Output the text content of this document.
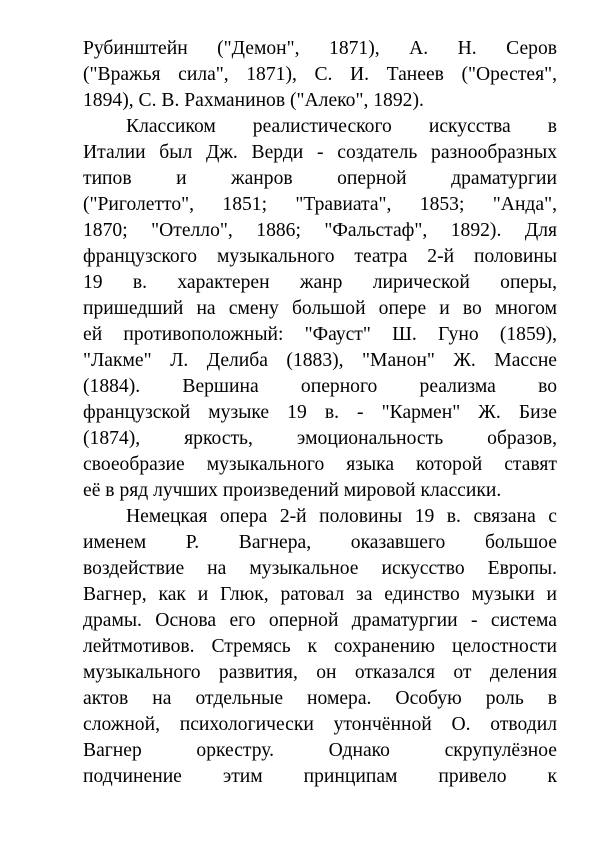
Рубинштейн ("Демон", 1871), А. Н. Серов
("Вражья сила", 1871), С. И. Танеев ("Орестея",
1894), С. В. Рахманинов ("Алеко", 1892).
Классиком реалистического искусства в
Италии был Дж. Верди - создатель разнообразных
типов и жанров оперной драматургии
("Риголетто", 1851; "Травиата", 1853; "Анда",
1870; "Отелло", 1886; "Фальстаф", 1892). Для
французского музыкального театра 2-й половины
19 в. характерен жанр лирической оперы,
пришедший на смену большой опере и во многом
ей противоположный: "Фауст" Ш. Гуно (1859),
"Лакме" Л. Делиба (1883), "Манон" Ж. Массне
(1884). Вершина оперного реализма во
французской музыке 19 в. - "Кармен" Ж. Бизе
(1874), яркость, эмоциональность образов,
своеобразие музыкального языка которой ставят
её в ряд лучших произведений мировой классики.
Немецкая опера 2-й половины 19 в. связана с
именем Р. Вагнера, оказавшего большое
воздействие на музыкальное искусство Европы.
Вагнер, как и Глюк, ратовал за единство музыки и
драмы. Основа его оперной драматургии - система
лейтмотивов. Стремясь к сохранению целостности
музыкального развития, он отказался от деления
актов на отдельные номера. Особую роль в
сложной, психологически утончённой О. отводил
Вагнер оркестру. Однако скрупулёзное
подчинение этим принципам привело к
